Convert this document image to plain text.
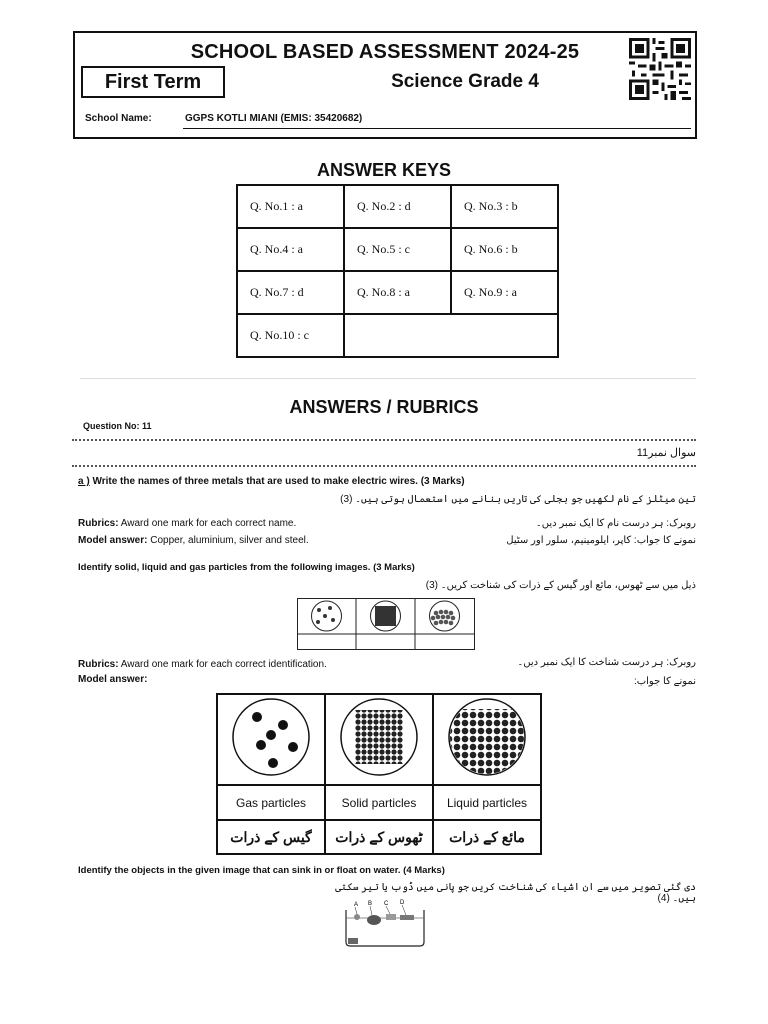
SCHOOL BASED ASSESSMENT 2024-25
First Term	Science Grade 4
School Name:	GGPS KOTLI MIANI (EMIS: 35420682)
ANSWER KEYS
Q. No.1 : a	Q. No.2 : d	Q. No.3 : b
Q. No.4 : a	Q. No.5 : c	Q. No.6 : b
Q. No.7 : d	Q. No.8 : a	Q. No.9 : a
Q. No.10 : c		
ANSWERS / RUBRICS
Question No: 11
سوال نمبر11
a ) Write the names of three metals that are used to make electric wires. (3 Marks)
تین میٹلز کے نام لکھیں جو بجلی کی تاریں بنانے میں استعمال ہوتی ہیں۔ (3)
Rubrics: Award one mark for each correct name.	روبرک: ہر درست نام کا ایک نمبر دیں۔
Model answer: Copper, aluminium, silver and steel.	نمونے کا جواب: کاپر، ایلومینیم، سلور اور سٹیل
Identify solid, liquid and gas particles from the following images. (3 Marks)
ذیل میں سے ٹھوس، مائع اور گیس کے ذرات کی شناخت کریں۔ (3)
Rubrics: Award one mark for each correct identification.	روبرک: ہر درست شناخت کا ایک نمبر دیں۔
Model answer:	نمونے کا جواب:

Gas particles	Solid particles	Liquid particles
گیس کے ذرات	ٹھوس کے ذرات	مائع کے ذرات
Identify the objects in the given image that can sink in or float on water. (4 Marks)
دی گئی تصویر میں سے ان اشیاء کی شناخت کریں جو پانی میں ڈوب یا تیر سکتی ہیں۔ (4)
A B C D
